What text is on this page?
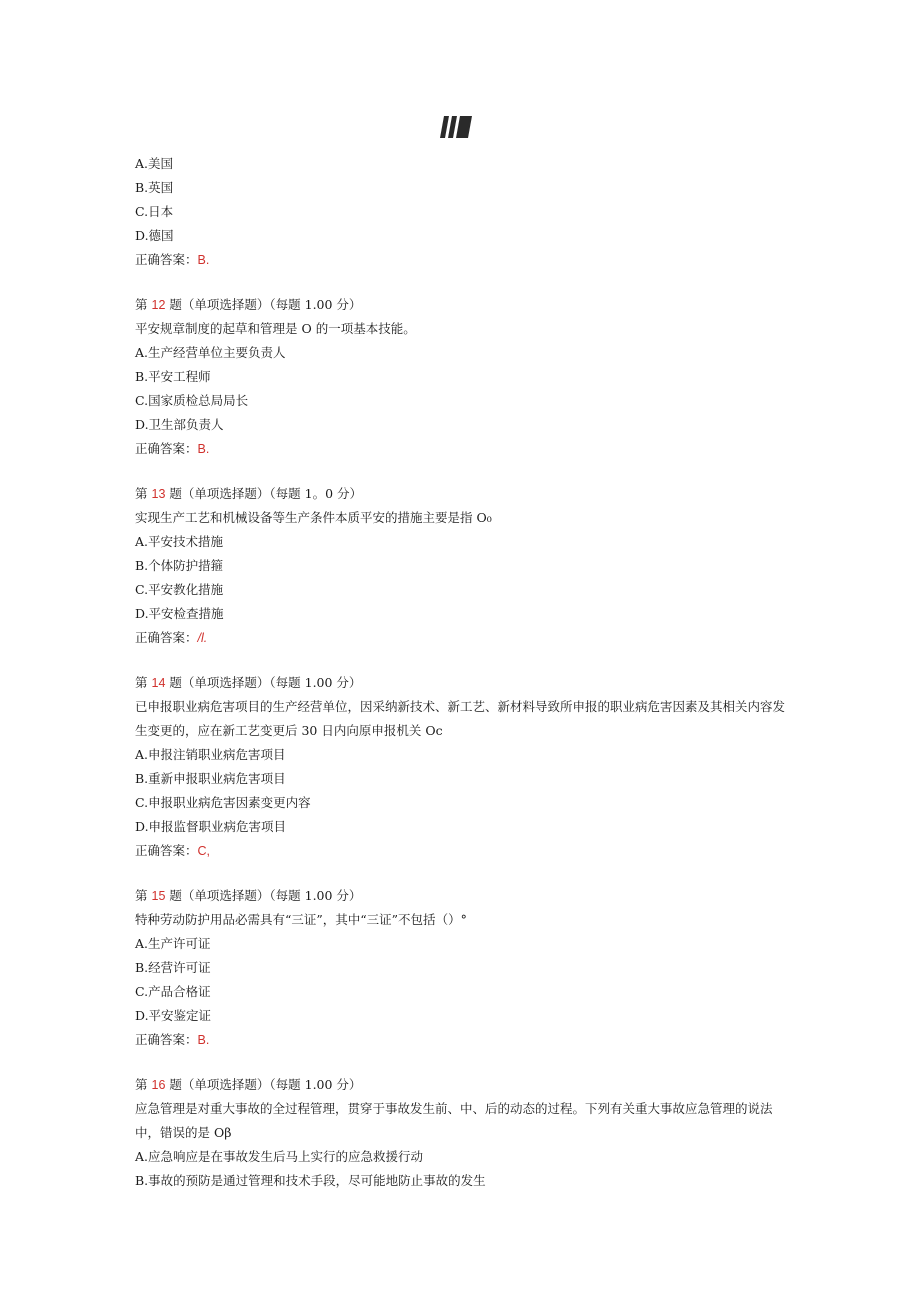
A.美国
B.英国
C.日本
D.德国
正确答案：B.
第 12 题（单项选择题）（每题 1.00 分）
平安规章制度的起草和管理是 O 的一项基本技能。
A.生产经营单位主要负责人
B.平安工程师
C.国家质检总局局长
D.卫生部负责人
正确答案：B.
第 13 题（单项选择题）（每题 1。0 分）
实现生产工艺和机械设备等生产条件本质平安的措施主要是指 O₀
A.平安技术措施
B.个体防护措箍
C.平安教化措施
D.平安检查措施
正确答案：/l.
第 14 题（单项选择题）（每题 1.00 分）
已申报职业病危害项目的生产经营单位，因采纳新技术、新工艺、新材料导致所申报的职业病危害因素及其相关内容发生变更的，应在新工艺变更后 30 日内向原申报机关 Oc
A.申报注销职业病危害项目
B.重新申报职业病危害项目
C.申报职业病危害因素变更内容
D.申报监督职业病危害项目
正确答案：C,
第 15 题（单项选择题）（每题 1.00 分）
特种劳动防护用品必需具有“三证”，其中“三证”不包括（）°
A.生产许可证
B.经营许可证
C.产品合格证
D.平安鉴定证
正确答案：B.
第 16 题（单项选择题）（每题 1.00 分）
应急管理是对重大事故的全过程管理，贯穿于事故发生前、中、后的动态的过程。下列有关重大事故应急管理的说法中，错误的是 Oβ
A.应急响应是在事故发生后马上实行的应急救援行动
B.事故的预防是通过管理和技术手段，尽可能地防止事故的发生
